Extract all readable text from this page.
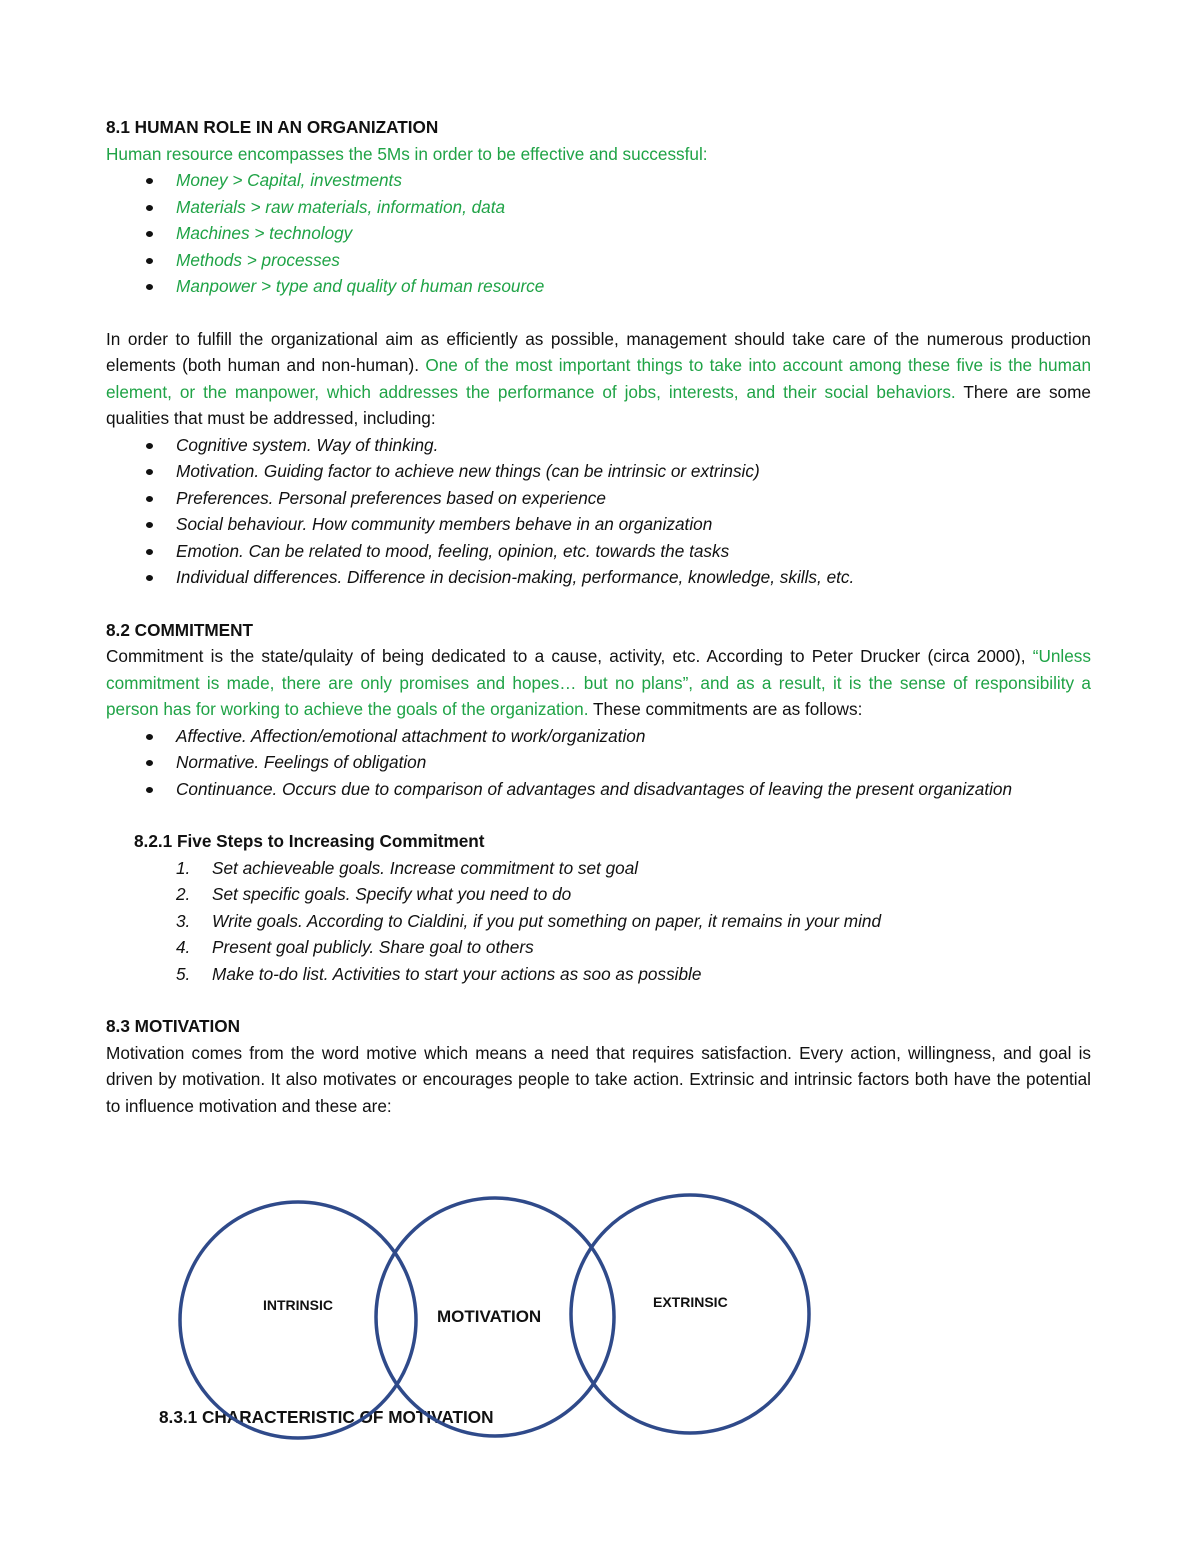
8.1 HUMAN ROLE IN AN ORGANIZATION

Human resource encompasses the 5Ms in order to be effective and successful:

Money > Capital, investments
Materials > raw materials, information, data
Machines > technology
Methods > processes
Manpower > type and quality of human resource

In order to fulfill the organizational aim as efficiently as possible, management should take care of the numerous production elements (both human and non-human). One of the most important things to take into account among these five is the human element, or the manpower, which addresses the performance of jobs, interests, and their social behaviors. There are some qualities that must be addressed, including:

Cognitive system. Way of thinking.
Motivation. Guiding factor to achieve new things (can be intrinsic or extrinsic)
Preferences. Personal preferences based on experience
Social behaviour. How community members behave in an organization
Emotion. Can be related to mood, feeling, opinion, etc. towards the tasks
Individual differences. Difference in decision-making, performance, knowledge, skills, etc.

8.2 COMMITMENT

Commitment is the state/qulaity of being dedicated to a cause, activity, etc. According to Peter Drucker (circa 2000), “Unless commitment is made, there are only promises and hopes… but no plans”, and as a result, it is the sense of responsibility a person has for working to achieve the goals of the organization. These commitments are as follows:

Affective. Affection/emotional attachment to work/organization
Normative. Feelings of obligation
Continuance. Occurs due to comparison of advantages and disadvantages of leaving the present organization

8.2.1 Five Steps to Increasing Commitment

1. Set achieveable goals. Increase commitment to set goal
2. Set specific goals. Specify what you need to do
3. Write goals. According to Cialdini, if you put something on paper, it remains in your mind
4. Present goal publicly. Share goal to others
5. Make to-do list. Activities to start your actions as soo as possible

8.3 MOTIVATION

Motivation comes from the word motive which means a need that requires satisfaction. Every action, willingness, and goal is driven by motivation. It also motivates or encourages people to take action. Extrinsic and intrinsic factors both have the potential to influence motivation and these are:

8.3.1 CHARACTERISTIC OF MOTIVATION

INTRINSIC
MOTIVATION
EXTRINSIC
